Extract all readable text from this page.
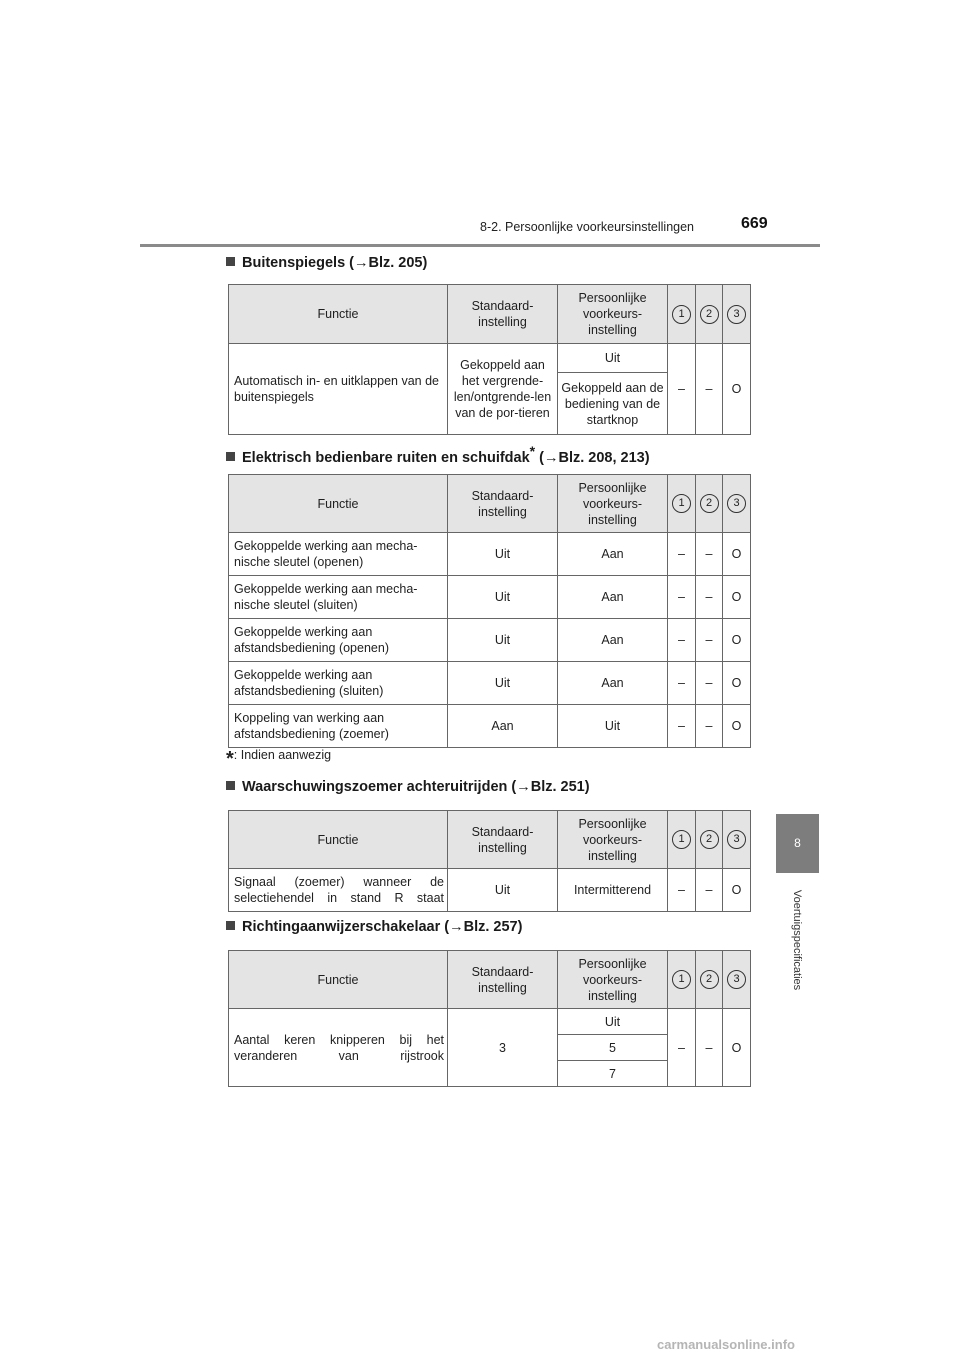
8-2. Persoonlijke voorkeursinstellingen	669
8
Voertuigspecificaties
Buitenspiegels (→Blz. 205)
Functie	Standaard-instelling	Persoonlijke voorkeurs-instelling	1	2	3
Automatisch in- en uitklappen van de buitenspiegels	Gekoppeld aan het vergrende-len/ontgrende-len van de por-tieren	Uit	–	–	O
		Gekoppeld aan de bediening van de startknop			
Elektrisch bedienbare ruiten en schuifdak* (→Blz. 208, 213)
Functie	Standaard-instelling	Persoonlijke voorkeurs-instelling	1	2	3
Gekoppelde werking aan mecha-nische sleutel (openen)	Uit	Aan	–	–	O
Gekoppelde werking aan mecha-nische sleutel (sluiten)	Uit	Aan	–	–	O
Gekoppelde werking aan afstandsbediening (openen)	Uit	Aan	–	–	O
Gekoppelde werking aan afstandsbediening (sluiten)	Uit	Aan	–	–	O
Koppeling van werking aan afstandsbediening (zoemer)	Aan	Uit	–	–	O
*: Indien aanwezig
Waarschuwingszoemer achteruitrijden (→Blz. 251)
Functie	Standaard-instelling	Persoonlijke voorkeurs-instelling	1	2	3
Signaal (zoemer) wanneer de selectiehendel in stand R staat	Uit	Intermitterend	–	–	O
Richtingaanwijzerschakelaar (→Blz. 257)
Functie	Standaard-instelling	Persoonlijke voorkeurs-instelling	1	2	3
Aantal keren knipperen bij het veranderen van rijstrook	3	Uit	–	–	O
		5			
		7			
carmanualsonline.info
